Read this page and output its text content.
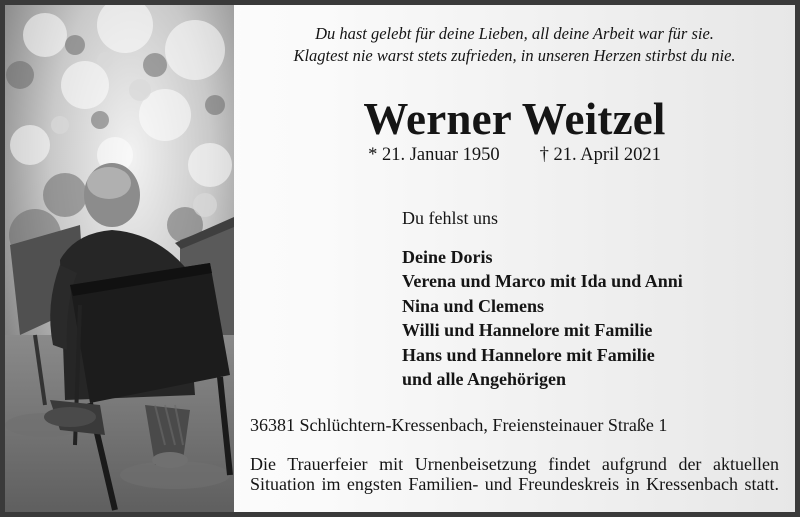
Du hast gelebt für deine Lieben, all deine Arbeit war für sie.
Klagtest nie warst stets zufrieden, in unseren Herzen stirbst du nie.
Werner Weitzel
* 21. Januar 1950 † 21. April 2021
Du fehlst uns
Deine Doris
Verena und Marco mit Ida und Anni
Nina und Clemens
Willi und Hannelore mit Familie
Hans und Hannelore mit Familie
und alle Angehörigen
36381 Schlüchtern-Kressenbach, Freiensteinauer Straße 1
Die Trauerfeier mit Urnenbeisetzung findet aufgrund der aktuellen
Situation im engsten Familien- und Freundeskreis in Kressenbach statt.
